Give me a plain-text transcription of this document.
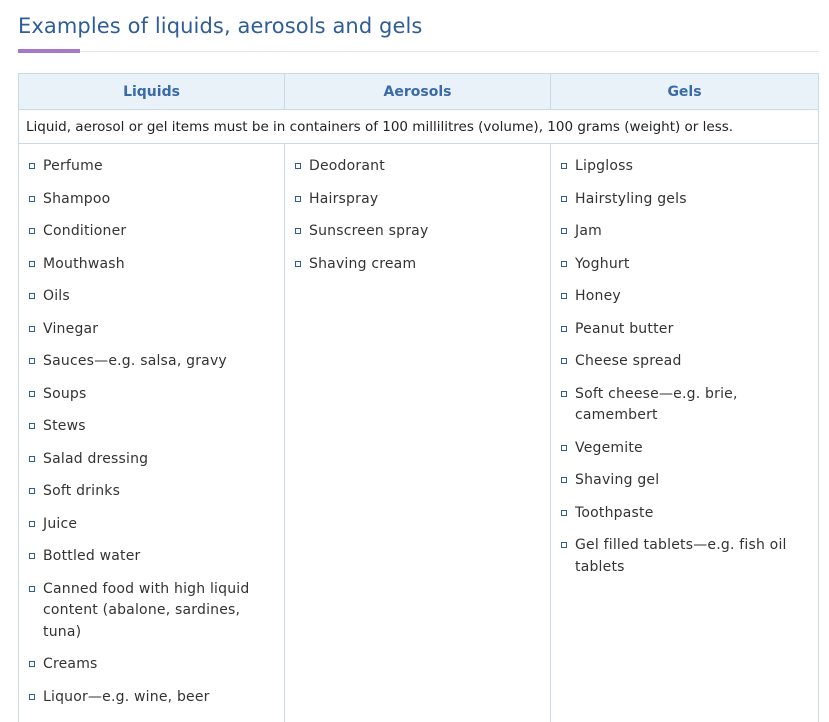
Examples of liquids, aerosols and gels
Liquids	Aerosols	Gels
Liquid, aerosol or gel items must be in containers of 100 millilitres (volume), 100 grams (weight) or less.		

Perfume
Shampoo
Conditioner
Mouthwash
Oils
Vinegar
Sauces—e.g. salsa, gravy
Soups
Stews
Salad dressing
Soft drinks
Juice
Bottled water
Canned food with high liquid content (abalone, sardines, tuna)
Creams
Liquor—e.g. wine, beer

Deodorant
Hairspray
Sunscreen spray
Shaving cream

Lipgloss
Hairstyling gels
Jam
Yoghurt
Honey
Peanut butter
Cheese spread
Soft cheese—e.g. brie, camembert
Vegemite
Shaving gel
Toothpaste
Gel filled tablets—e.g. fish oil tablets
